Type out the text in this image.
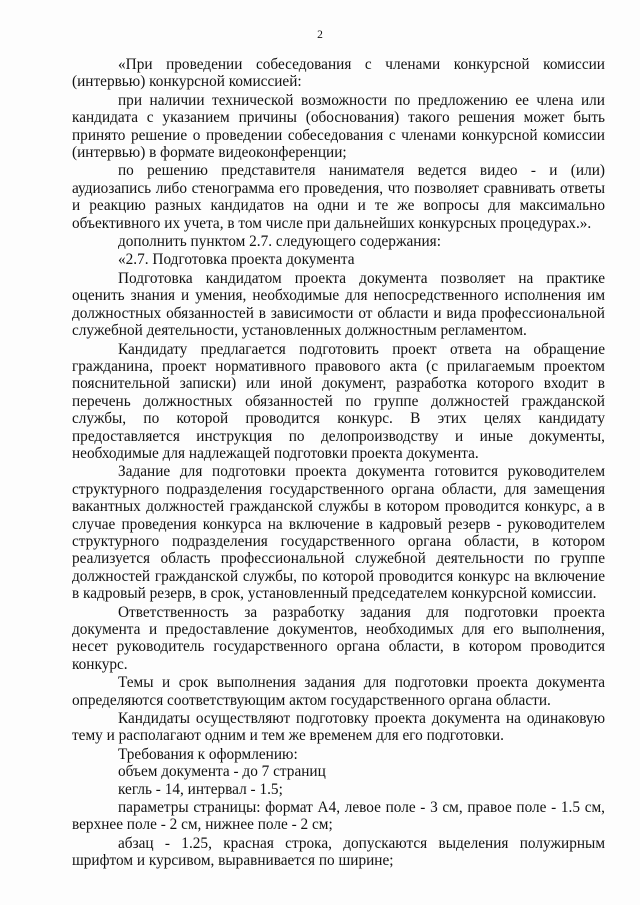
2

«При проведении собеседования с членами конкурсной комиссии (интервью) конкурсной комиссией:

при наличии технической возможности по предложению ее члена или кандидата с указанием причины (обоснования) такого решения может быть принято решение о проведении собеседования с членами конкурсной комиссии (интервью) в формате видеоконференции;

по решению представителя нанимателя ведется видео - и (или) аудиозапись либо стенограмма его проведения, что позволяет сравнивать ответы и реакцию разных кандидатов на одни и те же вопросы для максимально объективного их учета, в том числе при дальнейших конкурсных процедурах.».

дополнить пунктом 2.7. следующего содержания:

«2.7. Подготовка проекта документа

Подготовка кандидатом проекта документа позволяет на практике оценить знания и умения, необходимые для непосредственного исполнения им должностных обязанностей в зависимости от области и вида профессиональной служебной деятельности, установленных должностным регламентом.

Кандидату предлагается подготовить проект ответа на обращение гражданина, проект нормативного правового акта (с прилагаемым проектом пояснительной записки) или иной документ, разработка которого входит в перечень должностных обязанностей по группе должностей гражданской службы, по которой проводится конкурс. В этих целях кандидату предоставляется инструкция по делопроизводству и иные документы, необходимые для надлежащей подготовки проекта документа.

Задание для подготовки проекта документа готовится руководителем структурного подразделения государственного органа области, для замещения вакантных должностей гражданской службы в котором проводится конкурс, а в случае проведения конкурса на включение в кадровый резерв - руководителем структурного подразделения государственного органа области, в котором реализуется область профессиональной служебной деятельности по группе должностей гражданской службы, по которой проводится конкурс на включение в кадровый резерв, в срок, установленный председателем конкурсной комиссии.

Ответственность за разработку задания для подготовки проекта документа и предоставление документов, необходимых для его выполнения, несет руководитель государственного органа области, в котором проводится конкурс.

Темы и срок выполнения задания для подготовки проекта документа определяются соответствующим актом государственного органа области.

Кандидаты осуществляют подготовку проекта документа на одинаковую тему и располагают одним и тем же временем для его подготовки.

Требования к оформлению:

объем документа - до 7 страниц

кегль - 14, интервал - 1.5;

параметры страницы: формат А4, левое поле - 3 см, правое поле - 1.5 см, верхнее поле - 2 см, нижнее поле - 2 см;

абзац - 1.25, красная строка, допускаются выделения полужирным шрифтом и курсивом, выравнивается по ширине;
